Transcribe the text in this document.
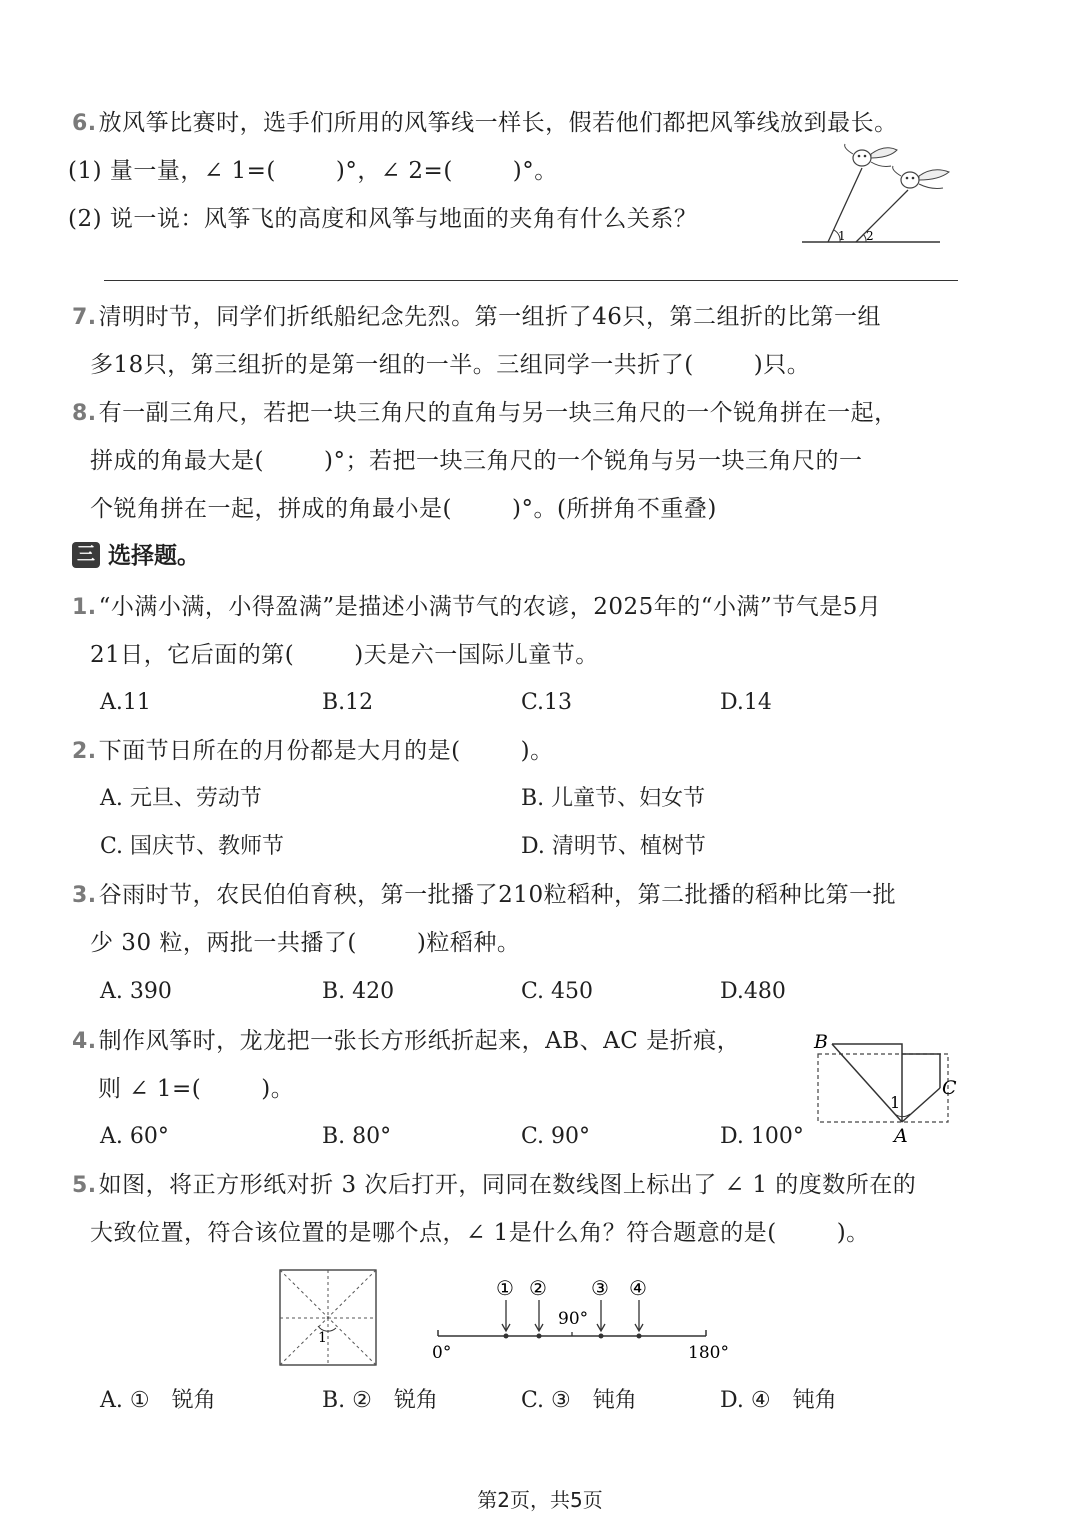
6.放风筝比赛时，选手们所用的风筝线一样长，假若他们都把风筝线放到最长。
(1) 量一量，∠ 1=(	)°，∠ 2=(	)°。
(2) 说一说：风筝飞的高度和风筝与地面的夹角有什么关系？
1 2
7.清明时节，同学们折纸船纪念先烈。第一组折了46只，第二组折的比第一组
多18只，第三组折的是第一组的一半。三组同学一共折了(	)只。
8.有一副三角尺，若把一块三角尺的直角与另一块三角尺的一个锐角拼在一起，
拼成的角最大是(	)°；若把一块三角尺的一个锐角与另一块三角尺的一
个锐角拼在一起，拼成的角最小是(	)°。(所拼角不重叠)
三 选择题。
1.“小满小满，小得盈满”是描述小满节气的农谚，2025年的“小满”节气是5月
21日，它后面的第(	)天是六一国际儿童节。
A.11	B.12	C.13	D.14
2.下面节日所在的月份都是大月的是(	)。
A. 元旦、劳动节	B. 儿童节、妇女节
C. 国庆节、教师节	D. 清明节、植树节
3.谷雨时节，农民伯伯育秧，第一批播了210粒稻种，第二批播的稻种比第一批
少 30 粒，两批一共播了(	)粒稻种。
A. 390	B. 420	C. 450	D.480
4.制作风筝时，龙龙把一张长方形纸折起来，AB、AC 是折痕，
则 ∠ 1=(	)。
A. 60°	B. 80°	C. 90°	D. 100°
B
C
A
1
5.如图，将正方形纸对折 3 次后打开，同同在数线图上标出了 ∠ 1 的度数所在的
大致位置，符合该位置的是哪个点，∠ 1是什么角？符合题意的是(	)。
1
① ② ③ ④
90°
0°	180°
A. ①　锐角	B. ②　锐角	C. ③　钝角	D. ④　钝角
第2页，共5页
